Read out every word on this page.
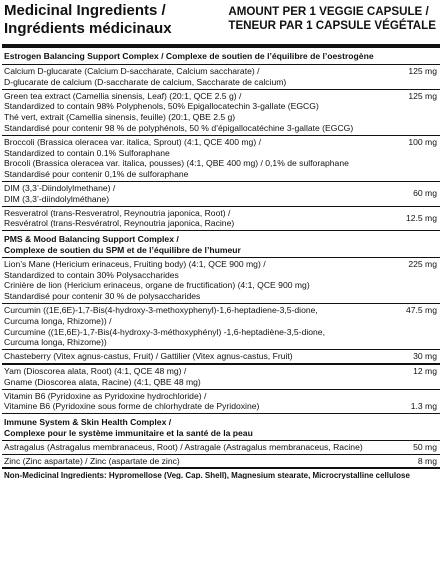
Medicinal Ingredients /
Ingrédients médicinaux
AMOUNT PER 1 VEGGIE CAPSULE /
TENEUR PAR 1 CAPSULE VÉGÉTALE
Estrogen Balancing Support Complex / Complexe de soutien de l’équilibre de l’oestrogène
Calcium D-glucarate (Calcium D-saccharate, Calcium saccharate) /
D-glucarate de calcium (D-saccharate de calcium, Saccharate de calcium)
125 mg
Green tea extract (Camellia sinensis, Leaf) (20:1, QCE 2.5 g) /
Standardized to contain 98% Polyphenols, 50% Epigallocatechin 3-gallate (EGCG)
Thé vert, extrait (Camellia sinensis, feuille) (20:1, QBE 2.5 g)
Standardisé pour contenir 98 % de polyphénols, 50 % d’épigallocatéchine 3-gallate (EGCG)
125 mg
Broccoli (Brassica oleracea var. italica, Sprout) (4:1, QCE 400 mg) /
Standardized to contain 0.1% Sulforaphane
Brocoli (Brassica oleracea var. italica, pousses) (4:1, QBE 400 mg) / 0,1% de sulforaphane
Standardisé pour contenir 0,1% de sulforaphane
100 mg
DIM (3,3’-Diindolylmethane) /
DIM (3,3’-diindolylméthane)
60 mg
Resveratrol (trans-Resveratrol, Reynoutria japonica, Root) /
Resvératrol (trans-Resvératrol, Reynoutria japonica, Racine)
12.5 mg
PMS & Mood Balancing Support Complex /
Complexe de soutien du SPM et de l’équilibre de l’humeur
Lion’s Mane (Hericium erinaceus, Fruiting body) (4:1, QCE 900 mg) /
Standardized to contain 30% Polysaccharides
Crinière de lion (Hericium erinaceus, organe de fructification) (4:1, QCE 900 mg)
Standardisé pour contenir 30 % de polysaccharides
225 mg
Curcumin ((1E,6E)-1,7-Bis(4-hydroxy-3-methoxyphenyl)-1,6-heptadiene-3,5-dione,
Curcuma longa, Rhizome)) /
Curcumine ((1E,6E)-1,7-Bis(4-hydroxy-3-méthoxyphényl) -1,6-heptadiène-3,5-dione,
Curcuma longa, Rhizome))
47.5 mg
Chasteberry (Vitex agnus-castus, Fruit) / Gattilier (Vitex agnus-castus, Fruit)	30 mg
Yam (Dioscorea alata, Root) (4:1, QCE 48 mg) /
Gname (Dioscorea alata, Racine) (4:1, QBE 48 mg)
12 mg
Vitamin B6 (Pyridoxine as Pyridoxine hydrochloride) /
Vitamine B6 (Pyridoxine sous forme de chlorhydrate de Pyridoxine)	1.3 mg
Immune System & Skin Health Complex /
Complexe pour le système immunitaire et la santé de la peau
Astragalus (Astragalus membranaceus, Root) / Astragale (Astragalus membranaceus, Racine)	50 mg
Zinc (Zinc aspartate) / Zinc (aspartate de zinc)	8 mg
Non-Medicinal Ingredients: Hypromellose (Veg. Cap. Shell), Magnesium stearate, Microcrystalline cellulose
